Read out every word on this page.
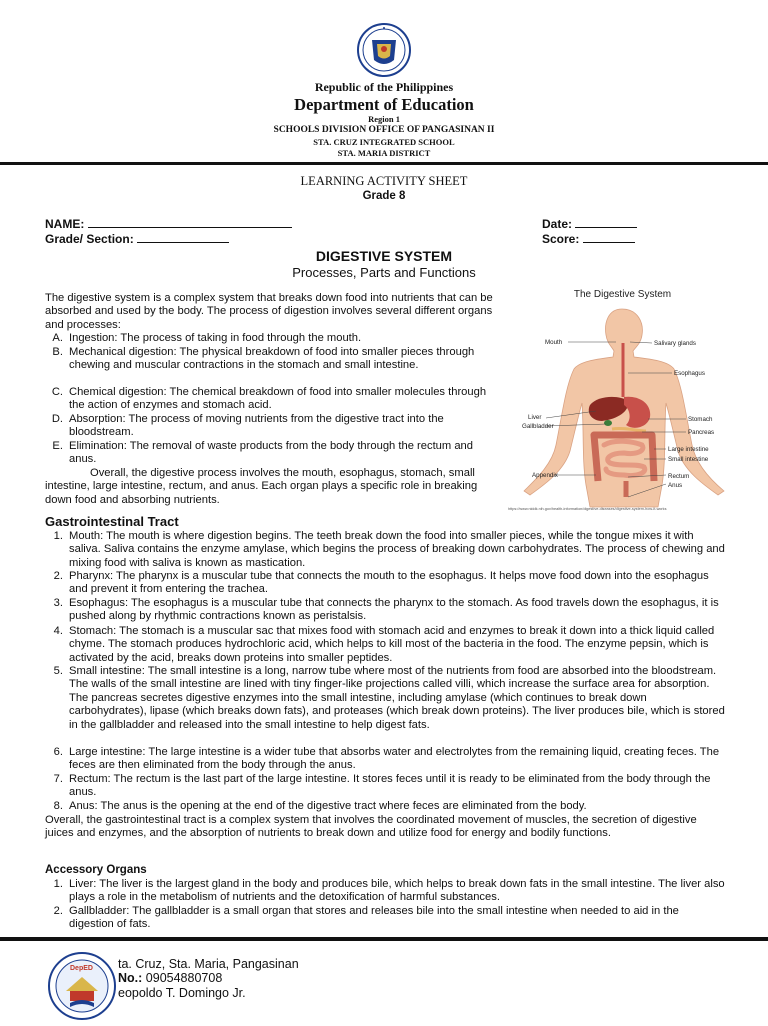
Republic of the Philippines
Department of Education
Region 1
SCHOOLS DIVISION OFFICE OF PANGASINAN II
STA. CRUZ INTEGRATED SCHOOL
STA. MARIA DISTRICT
LEARNING ACTIVITY SHEET
Grade 8
NAME:	Date:
Grade/ Section:	Score:
DIGESTIVE SYSTEM
Processes, Parts and Functions
The digestive system is a complex system that breaks down food into nutrients that can be absorbed and used by the body. The process of digestion involves several different organs and processes:
A. Ingestion: The process of taking in food through the mouth.
B. Mechanical digestion: The physical breakdown of food into smaller pieces through chewing and muscular contractions in the stomach and small intestine.
C. Chemical digestion: The chemical breakdown of food into smaller molecules through the action of enzymes and stomach acid.
D. Absorption: The process of moving nutrients from the digestive tract into the bloodstream.
E. Elimination: The removal of waste products from the body through the rectum and anus.
Overall, the digestive process involves the mouth, esophagus, stomach, small intestine, large intestine, rectum, and anus. Each organ plays a specific role in breaking down food and absorbing nutrients.
The Digestive System
Mouth	Salivary glands
Esophagus
Liver
Gallbladder
Stomach
Pancreas
Large intestine
Small intestine
Appendix	Rectum
Anus
https://www.niddk.nih.gov/health-information/digestive-diseases/digestive-system-how-it-works
Gastrointestinal Tract
1. Mouth: The mouth is where digestion begins. The teeth break down the food into smaller pieces, while the tongue mixes it with saliva. Saliva contains the enzyme amylase, which begins the process of breaking down carbohydrates. The process of chewing and mixing food with saliva is known as mastication.
2. Pharynx: The pharynx is a muscular tube that connects the mouth to the esophagus. It helps move food down into the esophagus and prevent it from entering the trachea.
3. Esophagus: The esophagus is a muscular tube that connects the pharynx to the stomach. As food travels down the esophagus, it is pushed along by rhythmic contractions known as peristalsis.
4. Stomach: The stomach is a muscular sac that mixes food with stomach acid and enzymes to break it down into a thick liquid called chyme. The stomach produces hydrochloric acid, which helps to kill most of the bacteria in the food. The enzyme pepsin, which is activated by the acid, breaks down proteins into smaller peptides.
5. Small intestine: The small intestine is a long, narrow tube where most of the nutrients from food are absorbed into the bloodstream. The walls of the small intestine are lined with tiny finger-like projections called villi, which increase the surface area for absorption. The pancreas secretes digestive enzymes into the small intestine, including amylase (which continues to break down carbohydrates), lipase (which breaks down fats), and proteases (which break down proteins). The liver produces bile, which is stored in the gallbladder and released into the small intestine to help digest fats.
6. Large intestine: The large intestine is a wider tube that absorbs water and electrolytes from the remaining liquid, creating feces. The feces are then eliminated from the body through the anus.
7. Rectum: The rectum is the last part of the large intestine. It stores feces until it is ready to be eliminated from the body through the anus.
8. Anus: The anus is the opening at the end of the digestive tract where feces are eliminated from the body.
Overall, the gastrointestinal tract is a complex system that involves the coordinated movement of muscles, the secretion of digestive juices and enzymes, and the absorption of nutrients to break down and utilize food for energy and bodily functions.
Accessory Organs
1. Liver: The liver is the largest gland in the body and produces bile, which helps to break down fats in the small intestine. The liver also plays a role in the metabolism of nutrients and the detoxification of harmful substances.
2. Gallbladder: The gallbladder is a small organ that stores and releases bile into the small intestine when needed to aid in the digestion of fats.
DepED ta. Cruz, Sta. Maria, Pangasinan
No.: 09054880708
eopoldo T. Domingo Jr.
